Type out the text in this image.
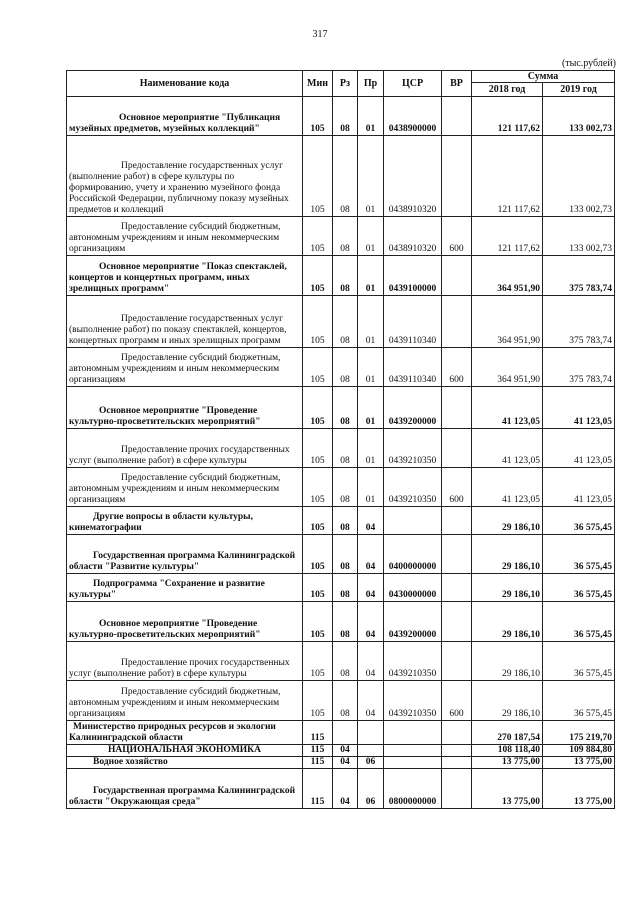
317
(тыс.рублей)
Наименование кода	Мин	Рз	Пр	ЦСР	ВР	Сумма	
						2018 год	2019 год

Основное мероприятие "Публикация музейных предметов, музейных коллекций"	105	08	01	0438900000		121 117,62	133 002,73

Предоставление государственных услуг (выполнение работ) в сфере культуры по формированию, учету и хранению музейного фонда Российской Федерации, публичному показу музейных предметов и коллекций	105	08	01	0438910320		121 117,62	133 002,73

Предоставление субсидий бюджетным, автономным учреждениям и иным некоммерческим организациям	105	08	01	0438910320	600	121 117,62	133 002,73

Основное мероприятие "Показ спектаклей, концертов и концертных программ, иных зрелищных программ"	105	08	01	0439100000		364 951,90	375 783,74

Предоставление государственных услуг (выполнение работ) по показу спектаклей, концертов, концертных программ и иных зрелищных программ	105	08	01	0439110340		364 951,90	375 783,74

Предоставление субсидий бюджетным, автономным учреждениям и иным некоммерческим организациям	105	08	01	0439110340	600	364 951,90	375 783,74

Основное мероприятие "Проведение культурно-просветительских мероприятий"	105	08	01	0439200000		41 123,05	41 123,05

Предоставление прочих государственных услуг (выполнение работ) в сфере культуры	105	08	01	0439210350		41 123,05	41 123,05

Предоставление субсидий бюджетным, автономным учреждениям и иным некоммерческим организациям	105	08	01	0439210350	600	41 123,05	41 123,05

Другие вопросы в области культуры, кинематографии	105	08	04			29 186,10	36 575,45

Государственная программа Калининградской области "Развитие культуры"	105	08	04	0400000000		29 186,10	36 575,45

Подпрограмма "Сохранение и развитие культуры"	105	08	04	0430000000		29 186,10	36 575,45

Основное мероприятие "Проведение культурно-просветительских мероприятий"	105	08	04	0439200000		29 186,10	36 575,45

Предоставление прочих государственных услуг (выполнение работ) в сфере культуры	105	08	04	0439210350		29 186,10	36 575,45

Предоставление субсидий бюджетным, автономным учреждениям и иным некоммерческим организациям	105	08	04	0439210350	600	29 186,10	36 575,45

Министерство природных ресурсов и экологии Калининградской области	115					270 187,54	175 219,70

НАЦИОНАЛЬНАЯ ЭКОНОМИКА	115	04				108 118,40	109 884,80

Водное хозяйство	115	04	06			13 775,00	13 775,00

Государственная программа Калининградской области "Окружающая среда"	115	04	06	0800000000		13 775,00	13 775,00
